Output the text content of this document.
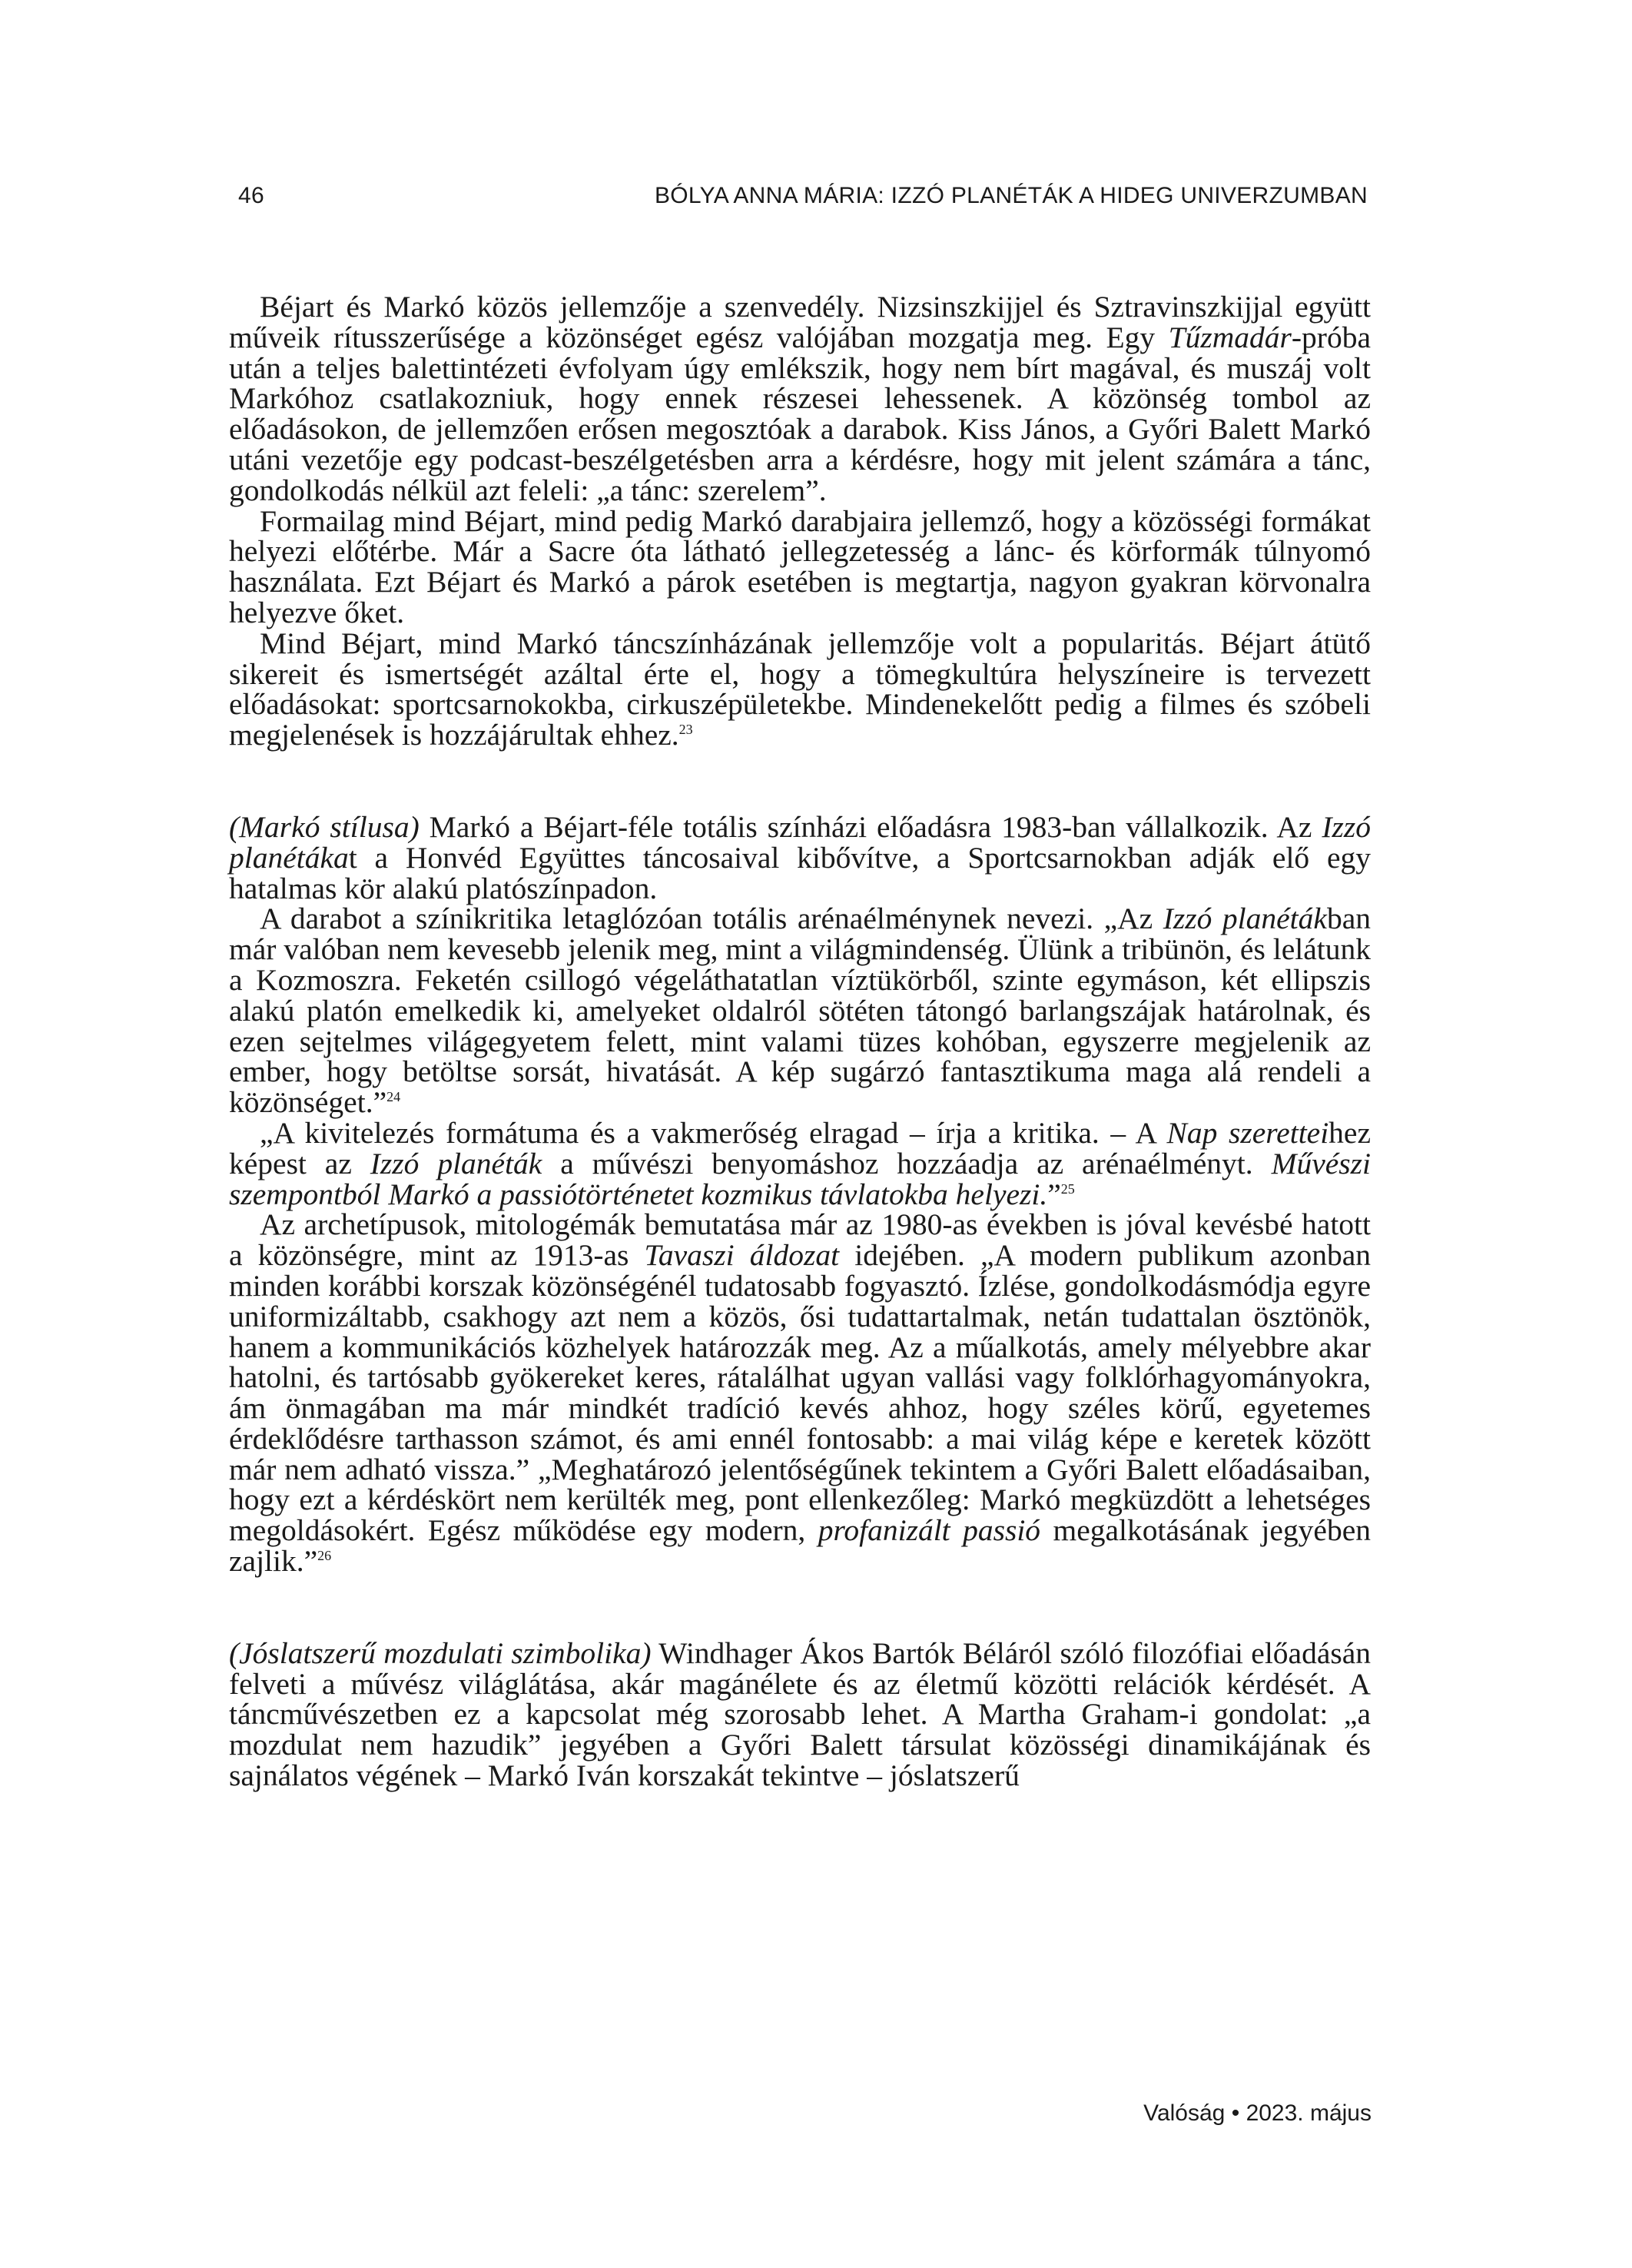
46	BÓLYA ANNA MÁRIA: IZZÓ PLANÉTÁK A HIDEG UNIVERZUMBAN

Béjart és Markó közös jellemzője a szenvedély. Nizsinszkijjel és Sztravinszkijjal együtt műveik rítusszerűsége a közönséget egész valójában mozgatja meg. Egy Tűzmadár-próba után a teljes balettintézeti évfolyam úgy emlékszik, hogy nem bírt magával, és muszáj volt Markóhoz csatlakozniuk, hogy ennek részesei lehessenek. A közönség tombol az előadásokon, de jellemzően erősen megosztóak a darabok. Kiss János, a Győri Balett Markó utáni vezetője egy podcast-beszélgetésben arra a kérdésre, hogy mit jelent számára a tánc, gondolkodás nélkül azt feleli: „a tánc: szerelem”.

Formailag mind Béjart, mind pedig Markó darabjaira jellemző, hogy a közösségi formákat helyezi előtérbe. Már a Sacre óta látható jellegzetesség a lánc- és körformák túlnyomó használata. Ezt Béjart és Markó a párok esetében is megtartja, nagyon gyakran körvonalra helyezve őket.

Mind Béjart, mind Markó táncszínházának jellemzője volt a popularitás. Béjart átütő sikereit és ismertségét azáltal érte el, hogy a tömegkultúra helyszíneire is tervezett előadásokat: sportcsarnokokba, cirkuszépületekbe. Mindenekelőtt pedig a filmes és szóbeli megjelenések is hozzájárultak ehhez.$^{23}$

(Markó stílusa) Markó a Béjart-féle totális színházi előadásra 1983-ban vállalkozik. Az Izzó planétákat a Honvéd Együttes táncosaival kibővítve, a Sportcsarnokban adják elő egy hatalmas kör alakú platószínpadon.

A darabot a színikritika letaglózóan totális arénaélménynek nevezi. „Az Izzó planétákban már valóban nem kevesebb jelenik meg, mint a világmindenség. Ülünk a tribünön, és lelátunk a Kozmoszra. Feketén csillogó végeláthatatlan víztükörből, szinte egymáson, két ellipszis alakú platón emelkedik ki, amelyeket oldalról sötéten tátongó barlangszájak határolnak, és ezen sejtelmes világegyetem felett, mint valami tüzes kohóban, egyszerre megjelenik az ember, hogy betöltse sorsát, hivatását. A kép sugárzó fantasztikuma maga alá rendeli a közönséget.”$^{24}$

„A kivitelezés formátuma és a vakmerőség elragad – írja a kritika. – A Nap szeretteihez képest az Izzó planéták a művészi benyomáshoz hozzáadja az arénaélményt. Művészi szempontból Markó a passiótörténetet kozmikus távlatokba helyezi.”$^{25}$

Az archetípusok, mitologémák bemutatása már az 1980-as években is jóval kevésbé hatott a közönségre, mint az 1913-as Tavaszi áldozat idejében. „A modern publikum azonban minden korábbi korszak közönségénél tudatosabb fogyasztó. Ízlése, gondolkodásmódja egyre uniformizáltabb, csakhogy azt nem a közös, ősi tudattartalmak, netán tudattalan ösztönök, hanem a kommunikációs közhelyek határozzák meg. Az a műalkotás, amely mélyebbre akar hatolni, és tartósabb gyökereket keres, rátalálhat ugyan vallási vagy folklórhagyományokra, ám önmagában ma már mindkét tradíció kevés ahhoz, hogy széles körű, egyetemes érdeklődésre tarthasson számot, és ami ennél fontosabb: a mai világ képe e keretek között már nem adható vissza.” „Meghatározó jelentőségűnek tekintem a Győri Balett előadásaiban, hogy ezt a kérdéskört nem kerülték meg, pont ellenkezőleg: Markó megküzdött a lehetséges megoldásokért. Egész működése egy modern, profanizált passió megalkotásának jegyében zajlik.”$^{26}$

(Jóslatszerű mozdulati szimbolika) Windhager Ákos Bartók Béláról szóló filozófiai előadásán felveti a művész világlátása, akár magánélete és az életmű közötti relációk kérdését. A táncművészetben ez a kapcsolat még szorosabb lehet. A Martha Graham-i gondolat: „a mozdulat nem hazudik” jegyében a Győri Balett társulat közösségi dinamikájának és sajnálatos végének – Markó Iván korszakát tekintve – jóslatszerű

Valóság • 2023. május
